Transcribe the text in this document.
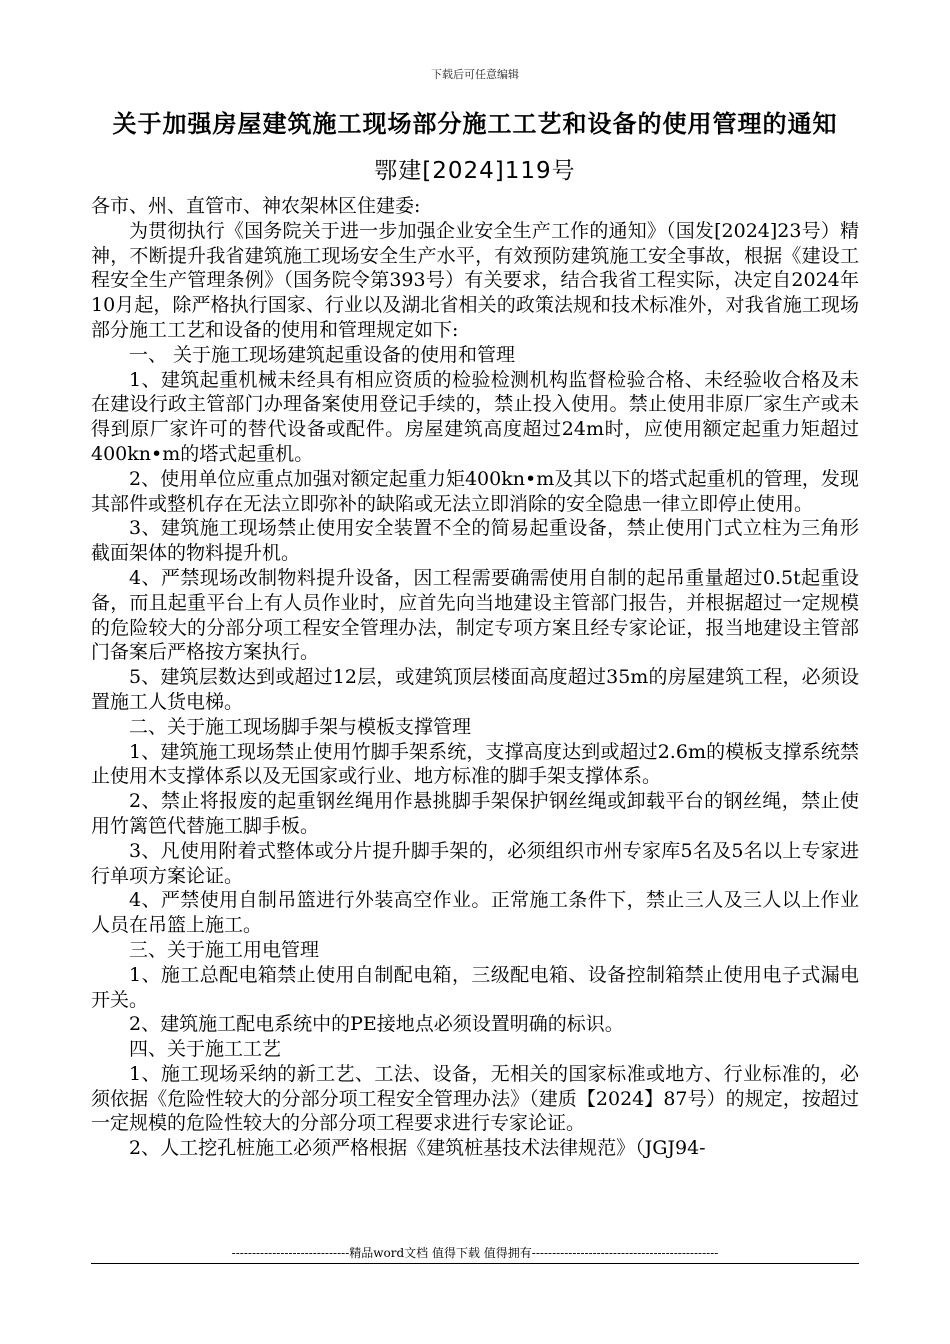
下载后可任意编辑
关于加强房屋建筑施工现场部分施工工艺和设备的使用管理的通知
鄂建[2024]119号

各市、州、直管市、神农架林区住建委:

为贯彻执行《国务院关于进一步加强企业安全生产工作的通知》（国发[2024]23号）精神，不断提升我省建筑施工现场安全生产水平，有效预防建筑施工安全事故，根据《建设工程安全生产管理条例》（国务院令第393号）有关要求，结合我省工程实际，决定自2024年10月起，除严格执行国家、行业以及湖北省相关的政策法规和技术标准外，对我省施工现场部分施工工艺和设备的使用和管理规定如下:

一、 关于施工现场建筑起重设备的使用和管理

1、建筑起重机械未经具有相应资质的检验检测机构监督检验合格、未经验收合格及未在建设行政主管部门办理备案使用登记手续的，禁止投入使用。禁止使用非原厂家生产或未得到原厂家许可的替代设备或配件。房屋建筑高度超过24m时，应使用额定起重力矩超过400kn•m的塔式起重机。

2、使用单位应重点加强对额定起重力矩400kn•m及其以下的塔式起重机的管理，发现其部件或整机存在无法立即弥补的缺陷或无法立即消除的安全隐患一律立即停止使用。

3、建筑施工现场禁止使用安全装置不全的简易起重设备，禁止使用门式立柱为三角形截面架体的物料提升机。

4、严禁现场改制物料提升设备，因工程需要确需使用自制的起吊重量超过0.5t起重设备，而且起重平台上有人员作业时，应首先向当地建设主管部门报告，并根据超过一定规模的危险较大的分部分项工程安全管理办法，制定专项方案且经专家论证，报当地建设主管部门备案后严格按方案执行。

5、建筑层数达到或超过12层，或建筑顶层楼面高度超过35m的房屋建筑工程，必须设置施工人货电梯。

二、关于施工现场脚手架与模板支撑管理

1、建筑施工现场禁止使用竹脚手架系统，支撑高度达到或超过2.6m的模板支撑系统禁止使用木支撑体系以及无国家或行业、地方标准的脚手架支撑体系。

2、禁止将报废的起重钢丝绳用作悬挑脚手架保护钢丝绳或卸载平台的钢丝绳，禁止使用竹篱笆代替施工脚手板。

3、凡使用附着式整体或分片提升脚手架的，必须组织市州专家库5名及5名以上专家进行单项方案论证。

4、严禁使用自制吊篮进行外装高空作业。正常施工条件下，禁止三人及三人以上作业人员在吊篮上施工。

三、关于施工用电管理

1、施工总配电箱禁止使用自制配电箱，三级配电箱、设备控制箱禁止使用电子式漏电开关。

2、建筑施工配电系统中的PE接地点必须设置明确的标识。

四、关于施工工艺

1、施工现场采纳的新工艺、工法、设备，无相关的国家标准或地方、行业标准的，必须依据《危险性较大的分部分项工程安全管理办法》（建质【2024】87号）的规定，按超过一定规模的危险性较大的分部分项工程要求进行专家论证。

2、人工挖孔桩施工必须严格根据《建筑桩基技术法律规范》（JGJ94-

-----------------------------精品word文档 值得下载 值得拥有----------------------------------------------
